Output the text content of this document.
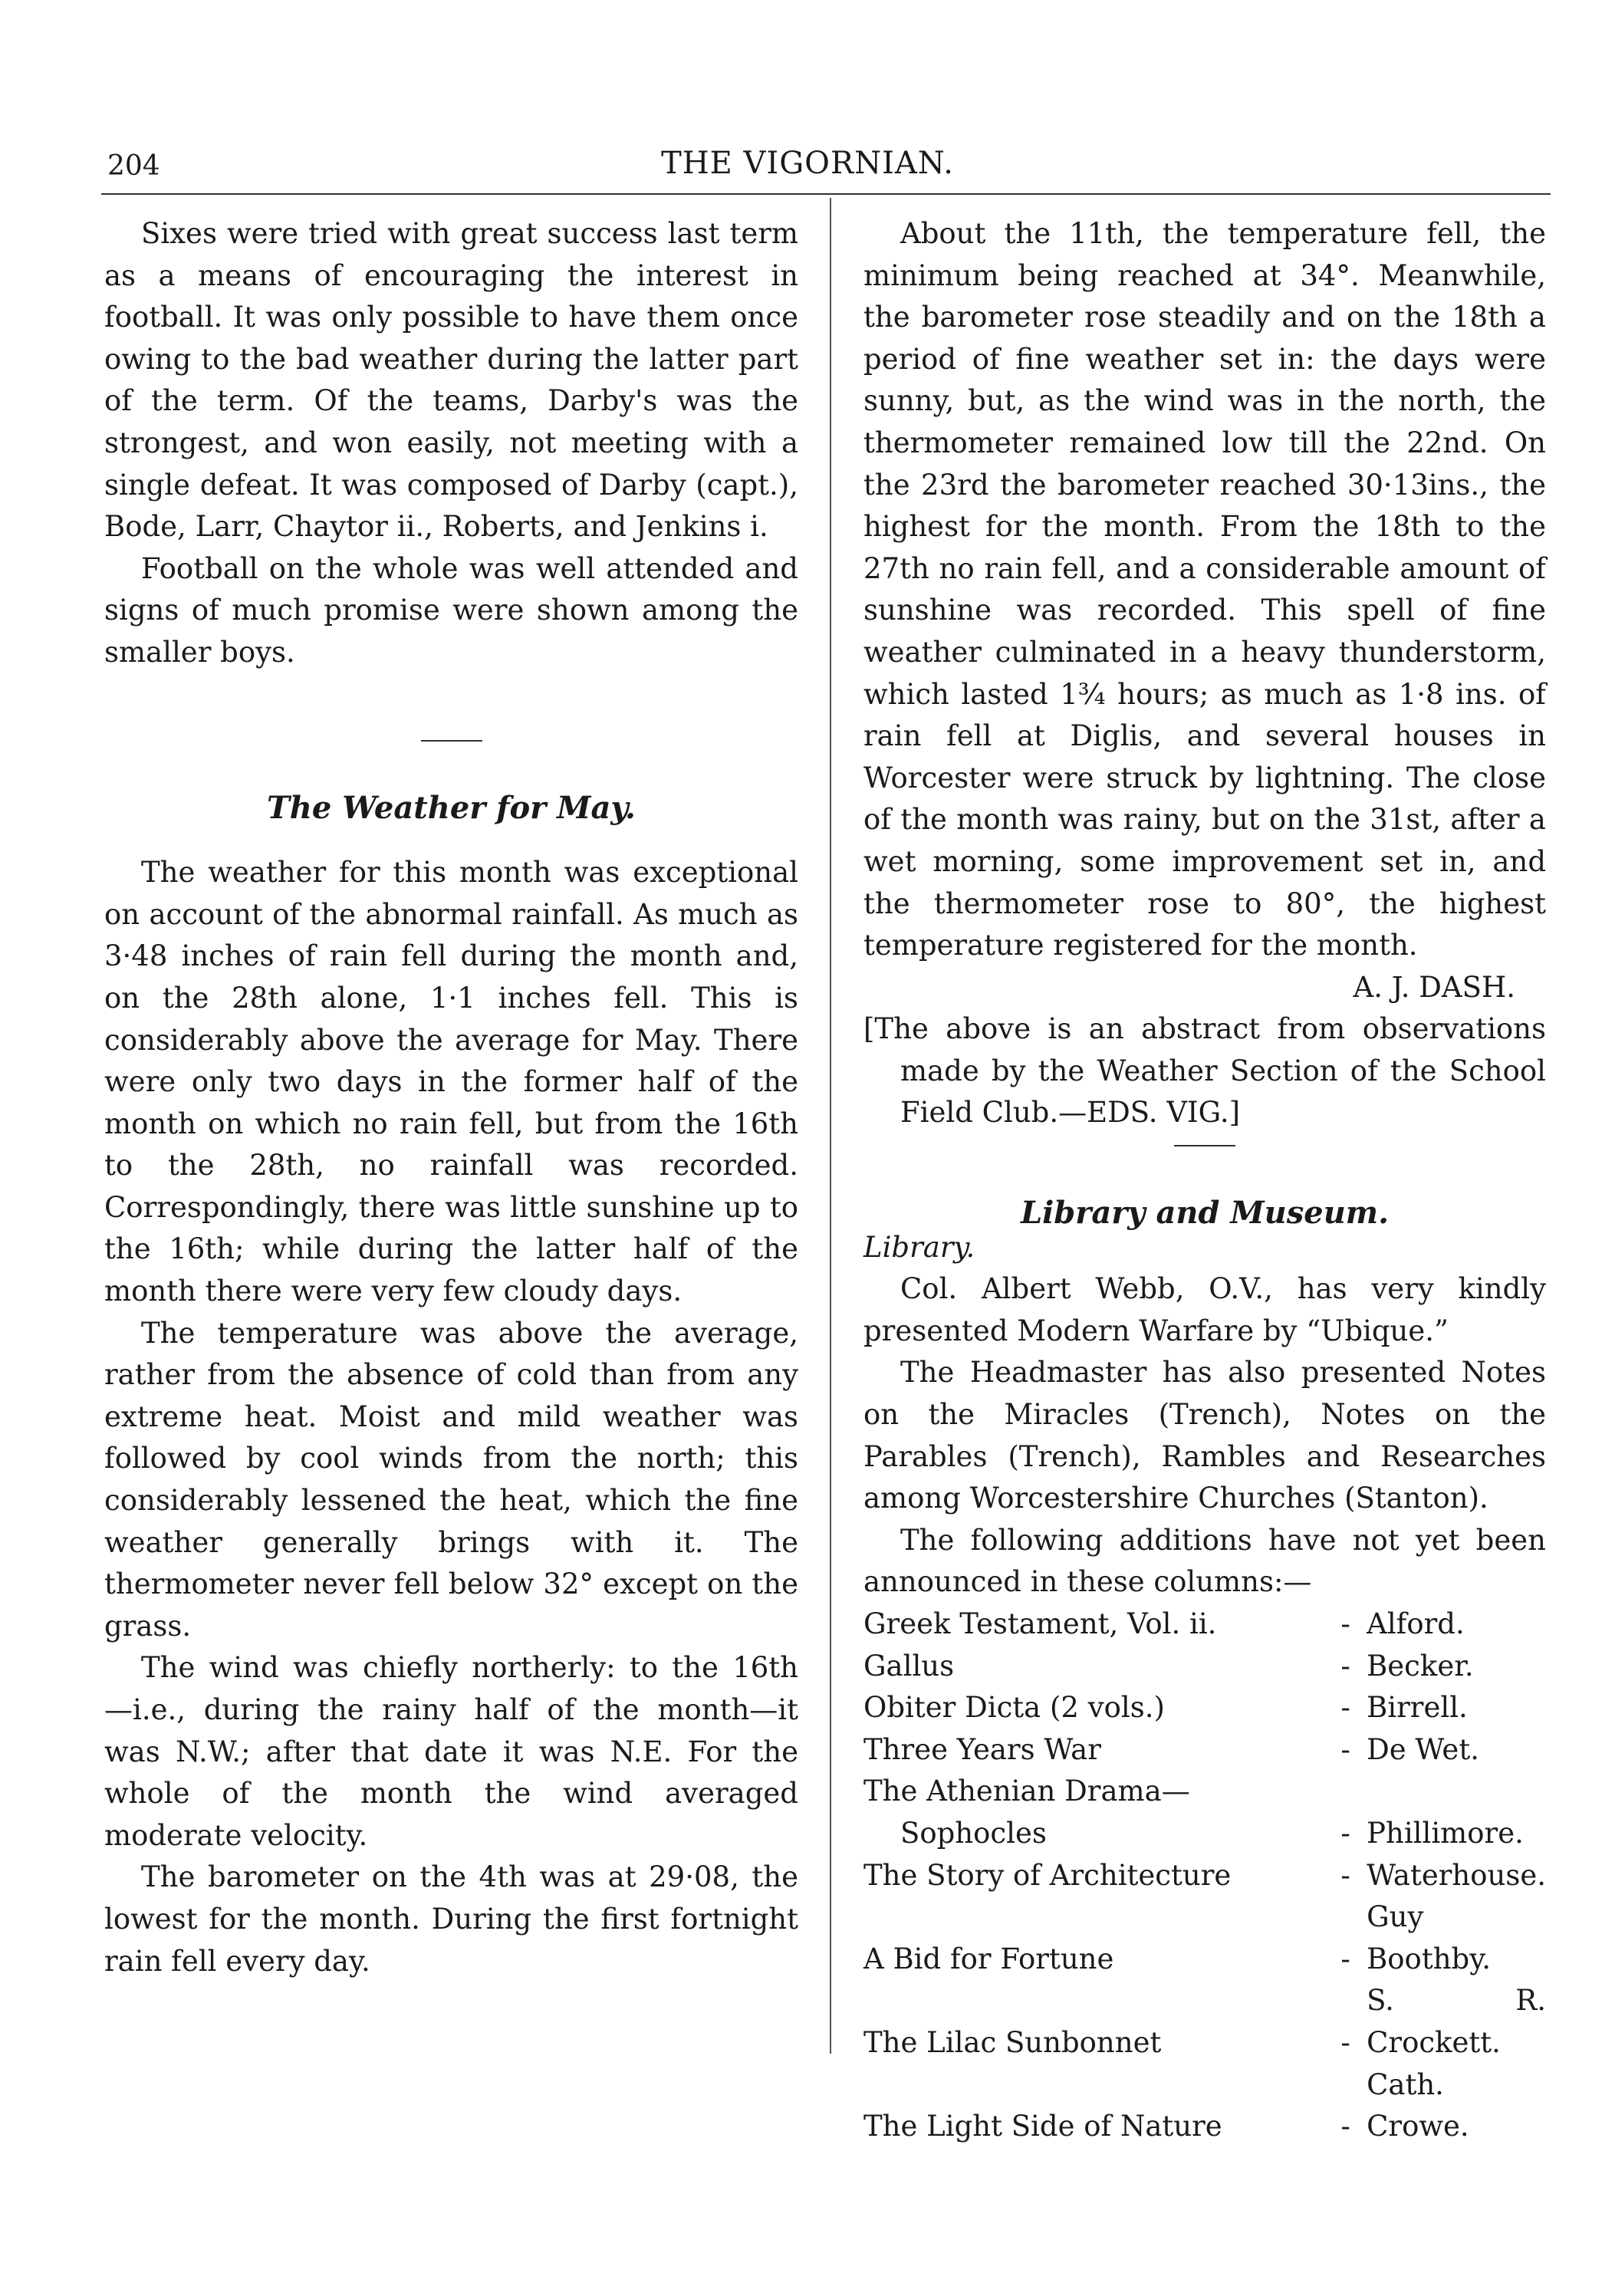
204	THE VIGORNIAN.

Sixes were tried with great success last term as a means of encouraging the interest in football. It was only possible to have them once owing to the bad weather during the latter part of the term. Of the teams, Darby's was the strongest, and won easily, not meeting with a single defeat. It was composed of Darby (capt.), Bode, Larr, Chaytor ii., Roberts, and Jenkins i.

Football on the whole was well attended and signs of much promise were shown among the smaller boys.

The Weather for May.

The weather for this month was exceptional on account of the abnormal rainfall. As much as 3·48 inches of rain fell during the month and, on the 28th alone, 1·1 inches fell. This is considerably above the average for May. There were only two days in the former half of the month on which no rain fell, but from the 16th to the 28th, no rainfall was recorded. Correspondingly, there was little sunshine up to the 16th; while during the latter half of the month there were very few cloudy days.

The temperature was above the average, rather from the absence of cold than from any extreme heat. Moist and mild weather was followed by cool winds from the north; this considerably lessened the heat, which the fine weather generally brings with it. The thermometer never fell below 32° except on the grass.

The wind was chiefly northerly: to the 16th —i.e., during the rainy half of the month—it was N.W.; after that date it was N.E. For the whole of the month the wind averaged moderate velocity.

The barometer on the 4th was at 29·08, the lowest for the month. During the first fortnight rain fell every day.

About the 11th, the temperature fell, the minimum being reached at 34°. Meanwhile, the barometer rose steadily and on the 18th a period of fine weather set in: the days were sunny, but, as the wind was in the north, the thermometer remained low till the 22nd. On the 23rd the barometer reached 30·13ins., the highest for the month. From the 18th to the 27th no rain fell, and a considerable amount of sunshine was recorded. This spell of fine weather culminated in a heavy thunderstorm, which lasted 1¾ hours; as much as 1·8 ins. of rain fell at Diglis, and several houses in Worcester were struck by lightning. The close of the month was rainy, but on the 31st, after a wet morning, some improvement set in, and the thermometer rose to 80°, the highest temperature registered for the month.

A. J. DASH.

[The above is an abstract from observations made by the Weather Section of the School Field Club.—EDS. VIG.]

Library and Museum.

Library.

Col. Albert Webb, O.V., has very kindly presented Modern Warfare by “Ubique.”

The Headmaster has also presented Notes on the Miracles (Trench), Notes on the Parables (Trench), Rambles and Researches among Worcestershire Churches (Stanton).

The following additions have not yet been announced in these columns:—

Greek Testament, Vol. ii.	-	Alford.
Gallus	-	Becker.
Obiter Dicta (2 vols.)	-	Birrell.
Three Years War	-	De Wet.
The Athenian Drama—		
Sophocles	-	Phillimore.
The Story of Architecture	-	Waterhouse.
A Bid for Fortune	-	Guy Boothby.
The Lilac Sunbonnet	-	S. R. Crockett.
The Light Side of Nature	-	Cath. Crowe.
